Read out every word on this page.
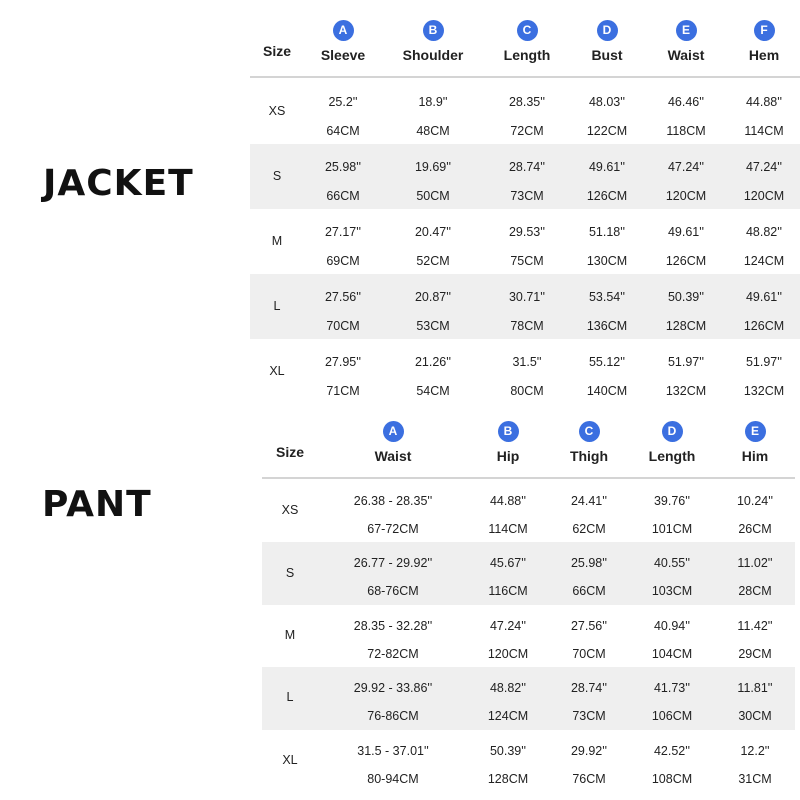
JACKET
PANT
Size
A
Sleeve
B
Shoulder
C
Length
D
Bust
E
Waist
F
Hem
XS
25.2''
64CM
18.9''
48CM
28.35''
72CM
48.03''
122CM
46.46''
118CM
44.88''
114CM
S
25.98''
66CM
19.69''
50CM
28.74''
73CM
49.61''
126CM
47.24''
120CM
47.24''
120CM
M
27.17''
69CM
20.47''
52CM
29.53''
75CM
51.18''
130CM
49.61''
126CM
48.82''
124CM
L
27.56''
70CM
20.87''
53CM
30.71''
78CM
53.54''
136CM
50.39''
128CM
49.61''
126CM
XL
27.95''
71CM
21.26''
54CM
31.5''
80CM
55.12''
140CM
51.97''
132CM
51.97''
132CM
Size
A
Waist
B
Hip
C
Thigh
D
Length
E
Him
XS
26.38 - 28.35''
67-72CM
44.88''
114CM
24.41''
62CM
39.76''
101CM
10.24''
26CM
S
26.77 - 29.92''
68-76CM
45.67''
116CM
25.98''
66CM
40.55''
103CM
11.02''
28CM
M
28.35 - 32.28''
72-82CM
47.24''
120CM
27.56''
70CM
40.94''
104CM
11.42''
29CM
L
29.92 - 33.86''
76-86CM
48.82''
124CM
28.74''
73CM
41.73''
106CM
11.81''
30CM
XL
31.5 - 37.01''
80-94CM
50.39''
128CM
29.92''
76CM
42.52''
108CM
12.2''
31CM
